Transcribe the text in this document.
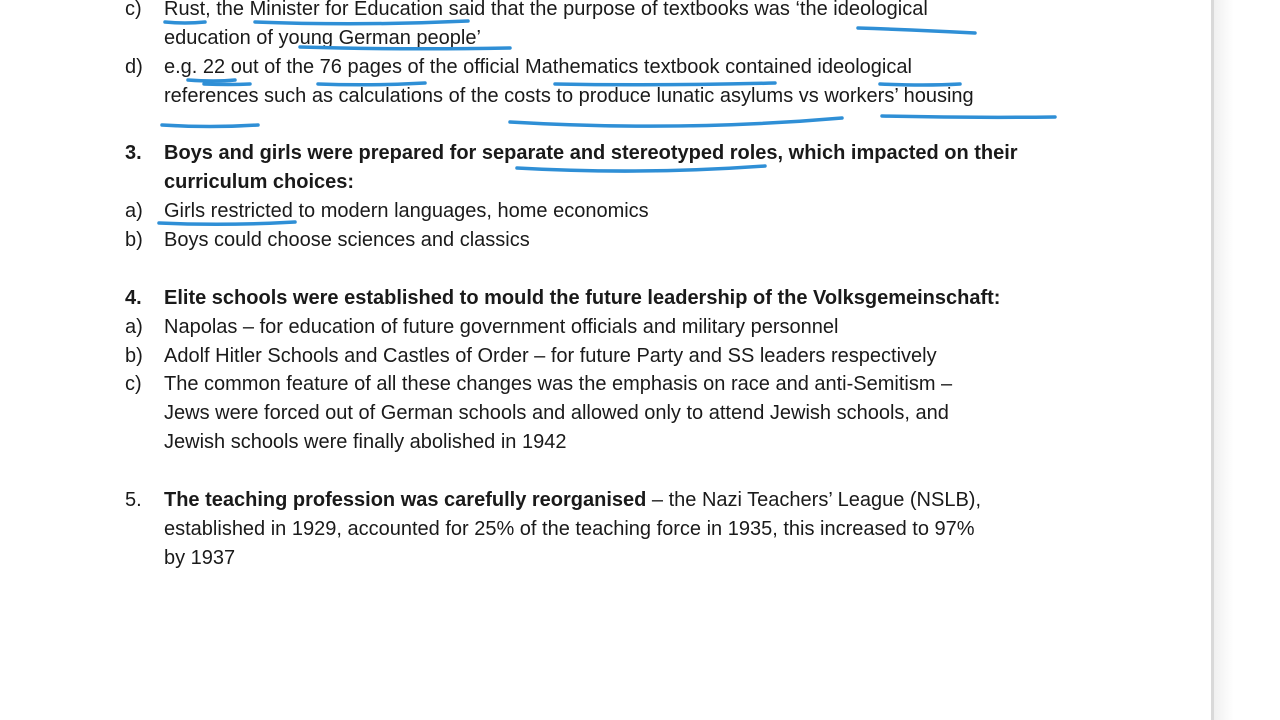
c) Rust, the Minister for Education said that the purpose of textbooks was ‘the ideological
education of young German people’
d) e.g. 22 out of the 76 pages of the official Mathematics textbook contained ideological
references such as calculations of the costs to produce lunatic asylums vs workers’ housing
3. Boys and girls were prepared for separate and stereotyped roles, which impacted on their
curriculum choices:
a) Girls restricted to modern languages, home economics
b) Boys could choose sciences and classics
4. Elite schools were established to mould the future leadership of the Volksgemeinschaft:
a) Napolas – for education of future government officials and military personnel
b) Adolf Hitler Schools and Castles of Order – for future Party and SS leaders respectively
c) The common feature of all these changes was the emphasis on race and anti-Semitism –
Jews were forced out of German schools and allowed only to attend Jewish schools, and
Jewish schools were finally abolished in 1942
5. The teaching profession was carefully reorganised – the Nazi Teachers’ League (NSLB),
established in 1929, accounted for 25% of the teaching force in 1935, this increased to 97%
by 1937
